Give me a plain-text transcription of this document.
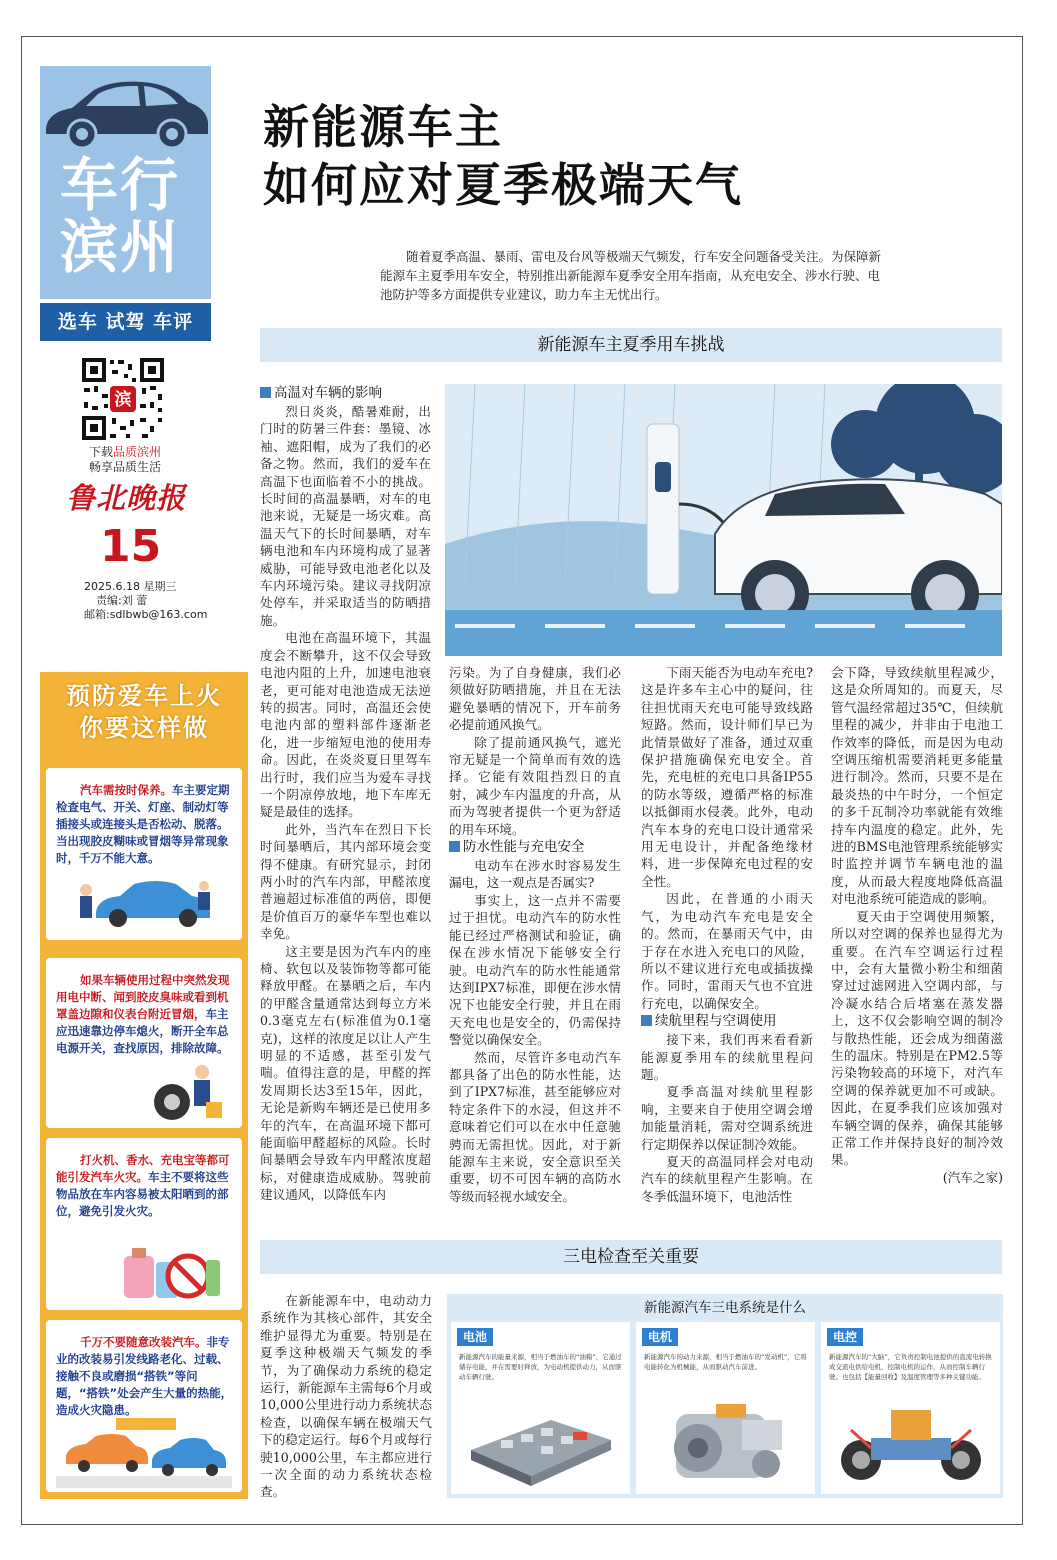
车行
滨州
选车 试驾 车评
滨
下载品质滨州
畅享品质生活
鲁北晚报
15
2025.6.18 星期三
责编:刘 蕾
邮箱:sdlbwb@163.com
预防爱车上火
你要这样做
汽车需按时保养。车主要定期检查电气、开关、灯座、制动灯等插接头或连接头是否松动、脱落。当出现胶皮糊味或冒烟等异常现象时，千万不能大意。
如果车辆使用过程中突然发现用电中断、闻到胶皮臭味或看到机罩盖边隙和仪表台附近冒烟，车主应迅速靠边停车熄火，断开全车总电源开关，查找原因，排除故障。
打火机、香水、充电宝等都可能引发汽车火灾。车主不要将这些物品放在车内容易被太阳晒到的部位，避免引发火灾。
千万不要随意改装汽车。非专业的改装易引发线路老化、过载、接触不良或磨损“搭铁”等问题，“搭铁”处会产生大量的热能，造成火灾隐患。
新能源车主
如何应对夏季极端天气
随着夏季高温、暴雨、雷电及台风等极端天气频发，行车安全问题备受关注。为保障新能源车主夏季用车安全，特别推出新能源车夏季安全用车指南，从充电安全、涉水行驶、电池防护等多方面提供专业建议，助力车主无忧出行。
新能源车主夏季用车挑战
高温对车辆的影响

烈日炎炎，酷暑难耐，出门时的防暑三件套：墨镜、冰袖、遮阳帽，成为了我们的必备之物。然而，我们的爱车在高温下也面临着不小的挑战。长时间的高温暴晒，对车的电池来说，无疑是一场灾难。高温天气下的长时间暴晒，对车辆电池和车内环境构成了显著威胁，可能导致电池老化以及车内环境污染。建议寻找阴凉处停车，并采取适当的防晒措施。

电池在高温环境下，其温度会不断攀升，这不仅会导致电池内阻的上升，加速电池衰老，更可能对电池造成无法逆转的损害。同时，高温还会使电池内部的塑料部件逐渐老化，进一步缩短电池的使用寿命。因此，在炎炎夏日里驾车出行时，我们应当为爱车寻找一个阴凉停放地，地下车库无疑是最佳的选择。

此外，当汽车在烈日下长时间暴晒后，其内部环境会变得不健康。有研究显示，封闭两小时的汽车内部，甲醛浓度普遍超过标准值的两倍，即便是价值百万的豪华车型也难以幸免。

这主要是因为汽车内的座椅、软包以及装饰物等都可能释放甲醛。在暴晒之后，车内的甲醛含量通常达到每立方米0.3毫克左右(标准值为0.1毫克)，这样的浓度足以让人产生明显的不适感，甚至引发气喘。值得注意的是，甲醛的挥发周期长达3至15年，因此，无论是新购车辆还是已使用多年的汽车，在高温环境下都可能面临甲醛超标的风险。长时间暴晒会导致车内甲醛浓度超标，对健康造成威胁。驾驶前建议通风，以降低车内

污染。为了自身健康，我们必须做好防晒措施，并且在无法避免暴晒的情况下，开车前务必提前通风换气。

除了提前通风换气，遮光帘无疑是一个简单而有效的选择。它能有效阻挡烈日的直射，减少车内温度的升高，从而为驾驶者提供一个更为舒适的用车环境。

防水性能与充电安全

电动车在涉水时容易发生漏电，这一观点是否属实?

事实上，这一点并不需要过于担忧。电动汽车的防水性能已经过严格测试和验证，确保在涉水情况下能够安全行驶。电动汽车的防水性能通常达到IPX7标准，即便在涉水情况下也能安全行驶，并且在雨天充电也是安全的，仍需保持警觉以确保安全。

然而，尽管许多电动汽车都具备了出色的防水性能，达到了IPX7标准，甚至能够应对特定条件下的水浸，但这并不意味着它们可以在水中任意驰骋而无需担忧。因此，对于新能源车主来说，安全意识至关重要，切不可因车辆的高防水等级而轻视水域安全。

下雨天能否为电动车充电?这是许多车主心中的疑问，往往担忧雨天充电可能导致线路短路。然而，设计师们早已为此情景做好了准备，通过双重保护措施确保充电安全。首先，充电桩的充电口具备IP55的防水等级，遵循严格的标准以抵御雨水侵袭。此外，电动汽车本身的充电口设计通常采用无电设计，并配备绝缘材料，进一步保障充电过程的安全性。

因此，在普通的小雨天气，为电动汽车充电是安全的。然而，在暴雨天气中，由于存在水进入充电口的风险，所以不建议进行充电或插拔操作。同时，雷雨天气也不宜进行充电，以确保安全。

续航里程与空调使用

接下来，我们再来看看新能源夏季用车的续航里程问题。

夏季高温对续航里程影响，主要来自于使用空调会增加能量消耗，需对空调系统进行定期保养以保证制冷效能。

夏天的高温同样会对电动汽车的续航里程产生影响。在冬季低温环境下，电池活性

会下降，导致续航里程减少，这是众所周知的。而夏天，尽管气温经常超过35℃，但续航里程的减少，并非由于电池工作效率的降低，而是因为电动空调压缩机需要消耗更多能量进行制冷。然而，只要不是在最炎热的中午时分，一个恒定的多千瓦制冷功率就能有效维持车内温度的稳定。此外，先进的BMS电池管理系统能够实时监控并调节车辆电池的温度，从而最大程度地降低高温对电池系统可能造成的影响。

夏天由于空调使用频繁，所以对空调的保养也显得尤为重要。在汽车空调运行过程中，会有大量微小粉尘和细菌穿过过滤网进入空调内部，与冷凝水结合后堵塞在蒸发器上，这不仅会影响空调的制冷与散热性能，还会成为细菌滋生的温床。特别是在PM2.5等污染物较高的环境下，对汽车空调的保养就更加不可或缺。因此，在夏季我们应该加强对车辆空调的保养，确保其能够正常工作并保持良好的制冷效果。

(汽车之家)

三电检查至关重要

在新能源车中，电动动力系统作为其核心部件，其安全维护显得尤为重要。特别是在夏季这种极端天气频发的季节，为了确保动力系统的稳定运行，新能源车主需每6个月或10,000公里进行动力系统状态检查，以确保车辆在极端天气下的稳定运行。每6个月或每行驶10,000公里，车主都应进行一次全面的动力系统状态检查。

新能源汽车三电系统是什么
电池
新能源汽车的能量来源，相当于燃油车的“油箱”，它通过储存电能，并在需要时释放，为电动机提供动力，从而驱动车辆行驶。
电机
新能源汽车的动力来源，相当于燃油车的“发动机”，它将电能转化为机械能，从而驱动汽车前进。
电控
新能源汽车的“大脑”，它负责控制电池提供的直流电转换成交流电供给电机，控制电机的运作，从而控制车辆行驶。也包括【能量回收】及温度管理等多种关键功能。
